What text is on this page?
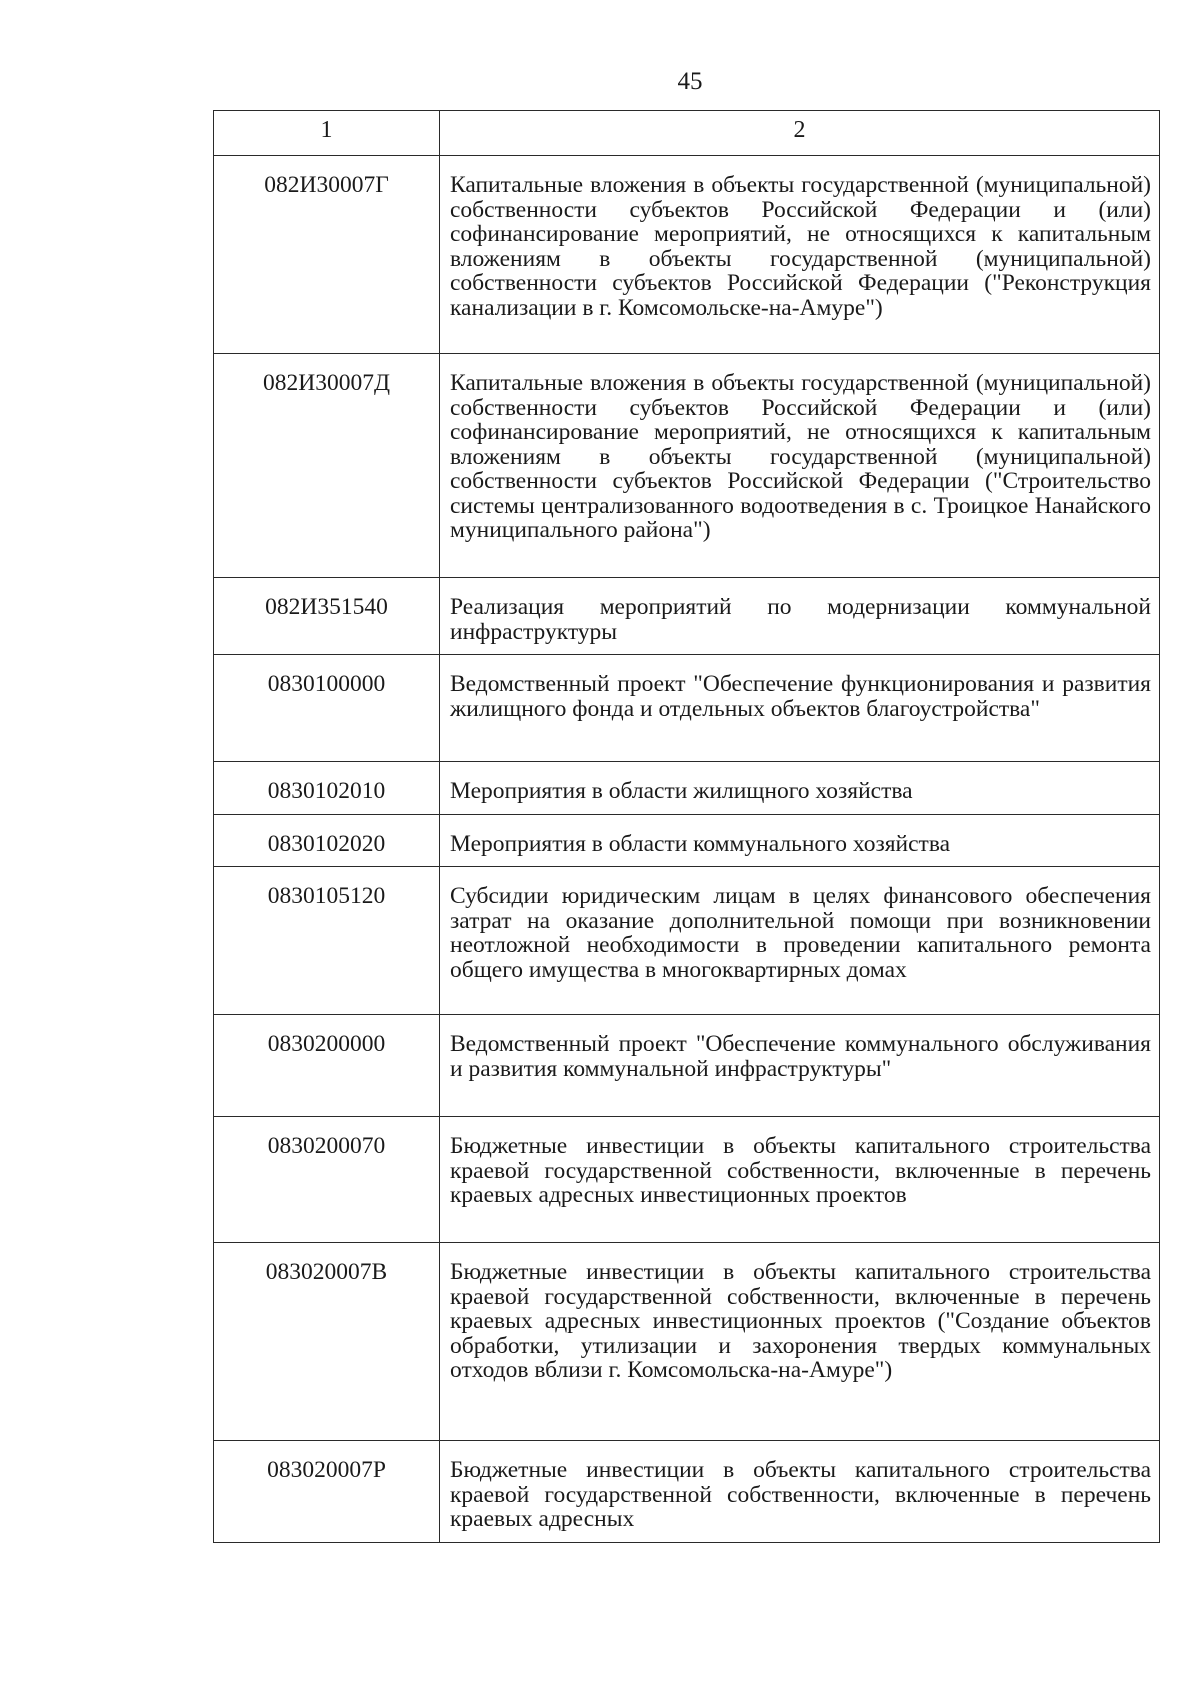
45
1	2
082И30007Г	Капитальные вложения в объекты государственной (муниципальной) собственности субъектов Российской Федерации и (или) софинансирование мероприятий, не относящихся к капитальным вложениям в объекты государственной (муниципальной) собственности субъектов Российской Федерации ("Реконструкция канализации в г. Комсомольске-на-Амуре")
082И30007Д	Капитальные вложения в объекты государственной (муниципальной) собственности субъектов Российской Федерации и (или) софинансирование мероприятий, не относящихся к капитальным вложениям в объекты государственной (муниципальной) собственности субъектов Российской Федерации ("Строительство системы централизованного водоотведения в с. Троицкое Нанайского муниципального района")
082И351540	Реализация мероприятий по модернизации коммунальной инфраструктуры
0830100000	Ведомственный проект "Обеспечение функционирования и развития жилищного фонда и отдельных объектов благоустройства"
0830102010	Мероприятия в области жилищного хозяйства
0830102020	Мероприятия в области коммунального хозяйства
0830105120	Субсидии юридическим лицам в целях финансового обеспечения затрат на оказание дополнительной помощи при возникновении неотложной необходимости в проведении капитального ремонта общего имущества в многоквартирных домах
0830200000	Ведомственный проект "Обеспечение коммунального обслуживания и развития коммунальной инфраструктуры"
0830200070	Бюджетные инвестиции в объекты капитального строительства краевой государственной собственности, включенные в перечень краевых адресных инвестиционных проектов
083020007В	Бюджетные инвестиции в объекты капитального строительства краевой государственной собственности, включенные в перечень краевых адресных инвестиционных проектов ("Создание объектов обработки, утилизации и захоронения твердых коммунальных отходов вблизи г. Комсомольска-на-Амуре")
083020007Р	Бюджетные инвестиции в объекты капитального строительства краевой государственной собственности, включенные в перечень краевых адресных
